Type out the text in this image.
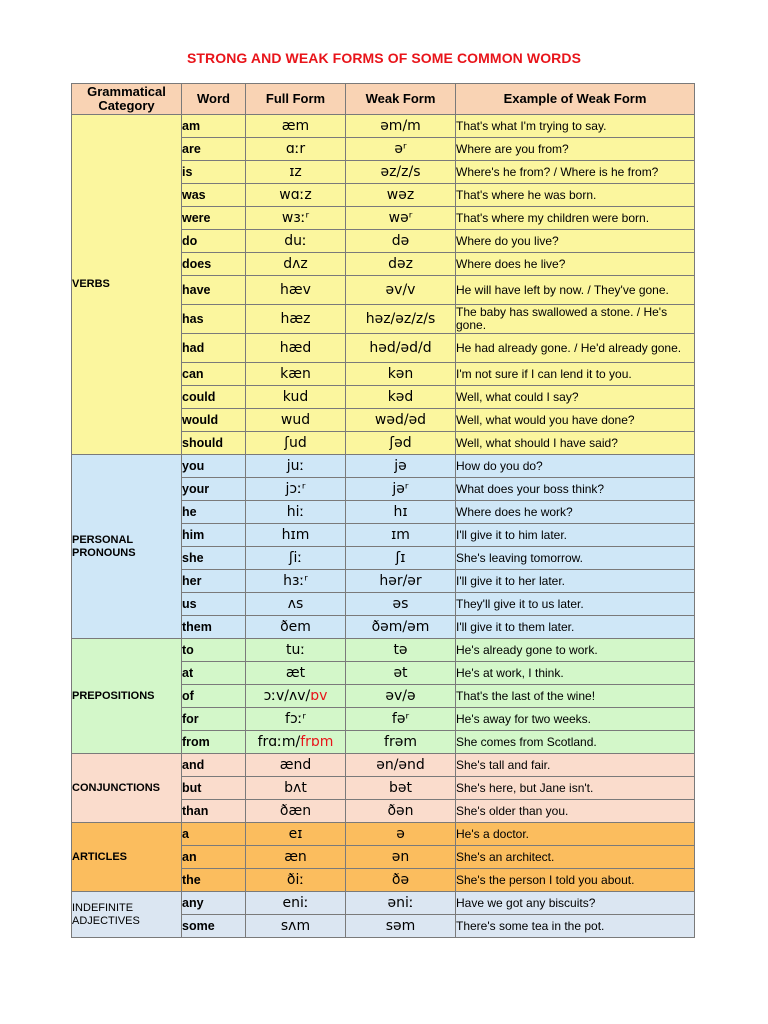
STRONG AND WEAK FORMS OF SOME COMMON WORDS
Grammatical Category	Word	Full Form	Weak Form	Example of Weak Form
VERBS	am	æm	əm/m	That's what I'm trying to say.
	are	ɑːr	əʳ	Where are you from?
	is	ɪz	əz/z/s	Where's he from? / Where is he from?
	was	wɑːz	wəz	That's where he was born.
	were	wɜːʳ	wəʳ	That's where my children were born.
	do	duː	də	Where do you live?
	does	dʌz	dəz	Where does he live?
	have	hæv	əv/v	He will have left by now. / They've gone.
	has	hæz	həz/əz/z/s	The baby has swallowed a stone. / He's gone.
	had	hæd	həd/əd/d	He had already gone. / He'd already gone.
	can	kæn	kən	I'm not sure if I can lend it to you.
	could	kud	kəd	Well, what could I say?
	would	wud	wəd/əd	Well, what would you have done?
	should	ʃud	ʃəd	Well, what should I have said?
PERSONAL PRONOUNS	you	juː	jə	How do you do?
	your	jɔːʳ	jəʳ	What does your boss think?
	he	hiː	hɪ	Where does he work?
	him	hɪm	ɪm	I'll give it to him later.
	she	ʃiː	ʃɪ	She's leaving tomorrow.
	her	hɜːʳ	hər/ər	I'll give it to her later.
	us	ʌs	əs	They'll give it to us later.
	them	ðem	ðəm/əm	I'll give it to them later.
PREPOSITIONS	to	tuː	tə	He's already gone to work.
	at	æt	ət	He's at work, I think.
	of	ɔːv/ʌv/ɒv	əv/ə	That's the last of the wine!
	for	fɔːʳ	fəʳ	He's away for two weeks.
	from	frɑːm/frɒm	frəm	She comes from Scotland.
CONJUNCTIONS	and	ænd	ən/ənd	She's tall and fair.
	but	bʌt	bət	She's here, but Jane isn't.
	than	ðæn	ðən	She's older than you.
ARTICLES	a	eɪ	ə	He's a doctor.
	an	æn	ən	She's an architect.
	the	ðiː	ðə	She's the person I told you about.
INDEFINITE ADJECTIVES	any	eniː	əniː	Have we got any biscuits?
	some	sʌm	səm	There's some tea in the pot.
